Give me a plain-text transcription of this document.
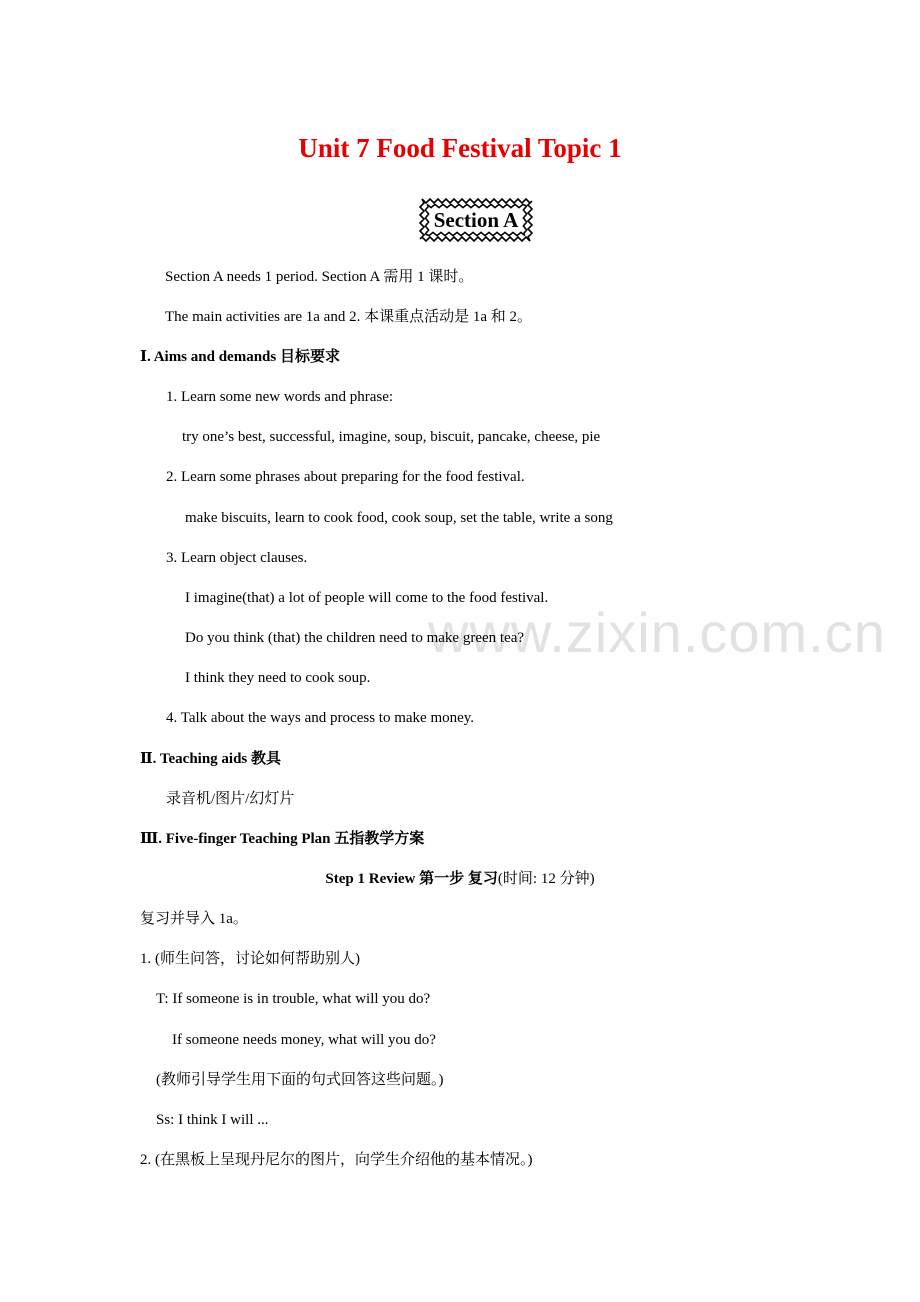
www.zixin.com.cn
Unit 7 Food Festival Topic 1
Section A
Section A needs 1 period. Section A 需用 1 课时。
The main activities are 1a and 2. 本课重点活动是 1a 和 2。
Ⅰ. Aims and demands 目标要求
1. Learn some new words and phrase:
try one’s best, successful, imagine, soup, biscuit, pancake, cheese, pie
2. Learn some phrases about preparing for the food festival.
make biscuits, learn to cook food, cook soup, set the table, write a song
3. Learn object clauses.
I imagine(that) a lot of people will come to the food festival.
Do you think (that) the children need to make green tea?
I think they need to cook soup.
4. Talk about the ways and process to make money.
Ⅱ. Teaching aids 教具
录音机/图片/幻灯片
Ⅲ. Five-finger Teaching Plan 五指教学方案
Step 1 Review 第一步 复习(时间: 12 分钟)
复习并导入 1a。
1. (师生问答，讨论如何帮助别人)
T: If someone is in trouble, what will you do?
If someone needs money, what will you do?
(教师引导学生用下面的句式回答这些问题。)
Ss: I think I will ...
2. (在黑板上呈现丹尼尔的图片，向学生介绍他的基本情况。)
